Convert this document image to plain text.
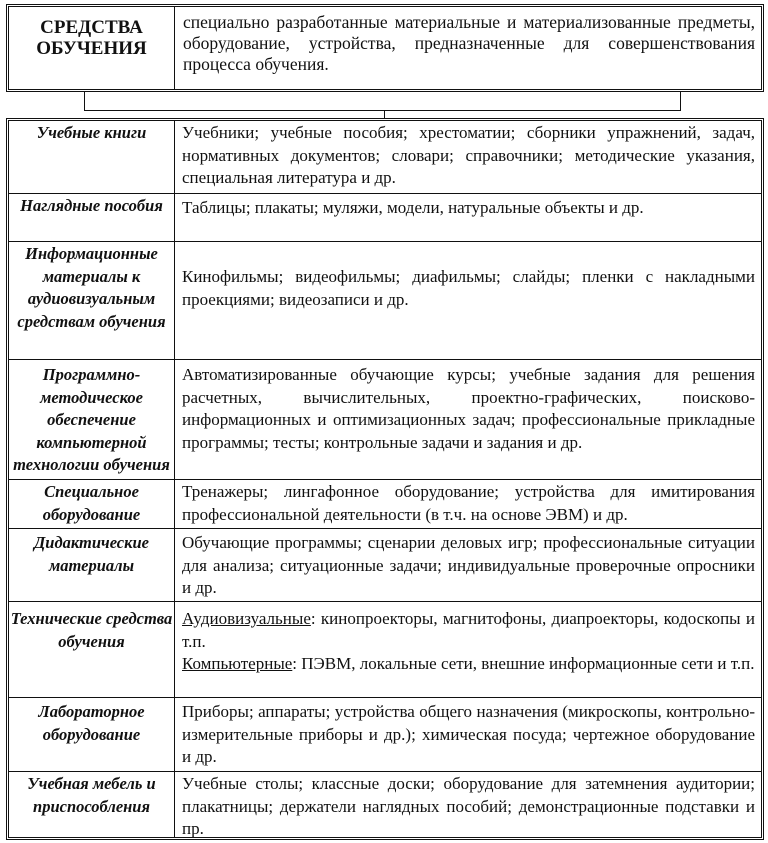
СРЕДСТВА ОБУЧЕНИЯ
специально разработанные материальные и материализованные предметы, оборудование, устройства, предназначенные для совершенствования процесса обучения.
Учебные книги	Учебники; учебные пособия; хрестоматии; сборники упражнений, задач, нормативных документов; словари; справочники; методические указания, специальная литература и др.
Наглядные пособия	Таблицы; плакаты; муляжи, модели, натуральные объекты и др.
Информационные материалы к аудиовизуальным средствам обучения
Кинофильмы; видеофильмы; диафильмы; слайды; пленки с накладными проекциями; видеозаписи и др.
Программно-методическое обеспечение компьютерной технологии обучения
Автоматизированные обучающие курсы; учебные задания для решения расчетных, вычислительных, проектно-графических, поисково-информационных и оптимизационных задач; профессиональные прикладные программы; тесты; контрольные задачи и задания и др.
Специальное оборудование
Тренажеры; лингафонное оборудование; устройства для имитирования профессиональной деятельности (в т.ч. на основе ЭВМ) и др.
Дидактические материалы
Обучающие программы; сценарии деловых игр; профессиональные ситуации для анализа; ситуационные задачи; индивидуальные проверочные опросники и др.
Технические средства обучения
Аудиовизуальные: кинопроекторы, магнитофоны, диапроекторы, кодоскопы и т.п.
Компьютерные: ПЭВМ, локальные сети, внешние информационные сети и т.п.
Лабораторное оборудование
Приборы; аппараты; устройства общего назначения (микроскопы, контрольно-измерительные приборы и др.); химическая посуда; чертежное оборудование и др.
Учебная мебель и приспособления
Учебные столы; классные доски; оборудование для затемнения аудитории; плакатницы; держатели наглядных пособий; демонстрационные подставки и пр.
